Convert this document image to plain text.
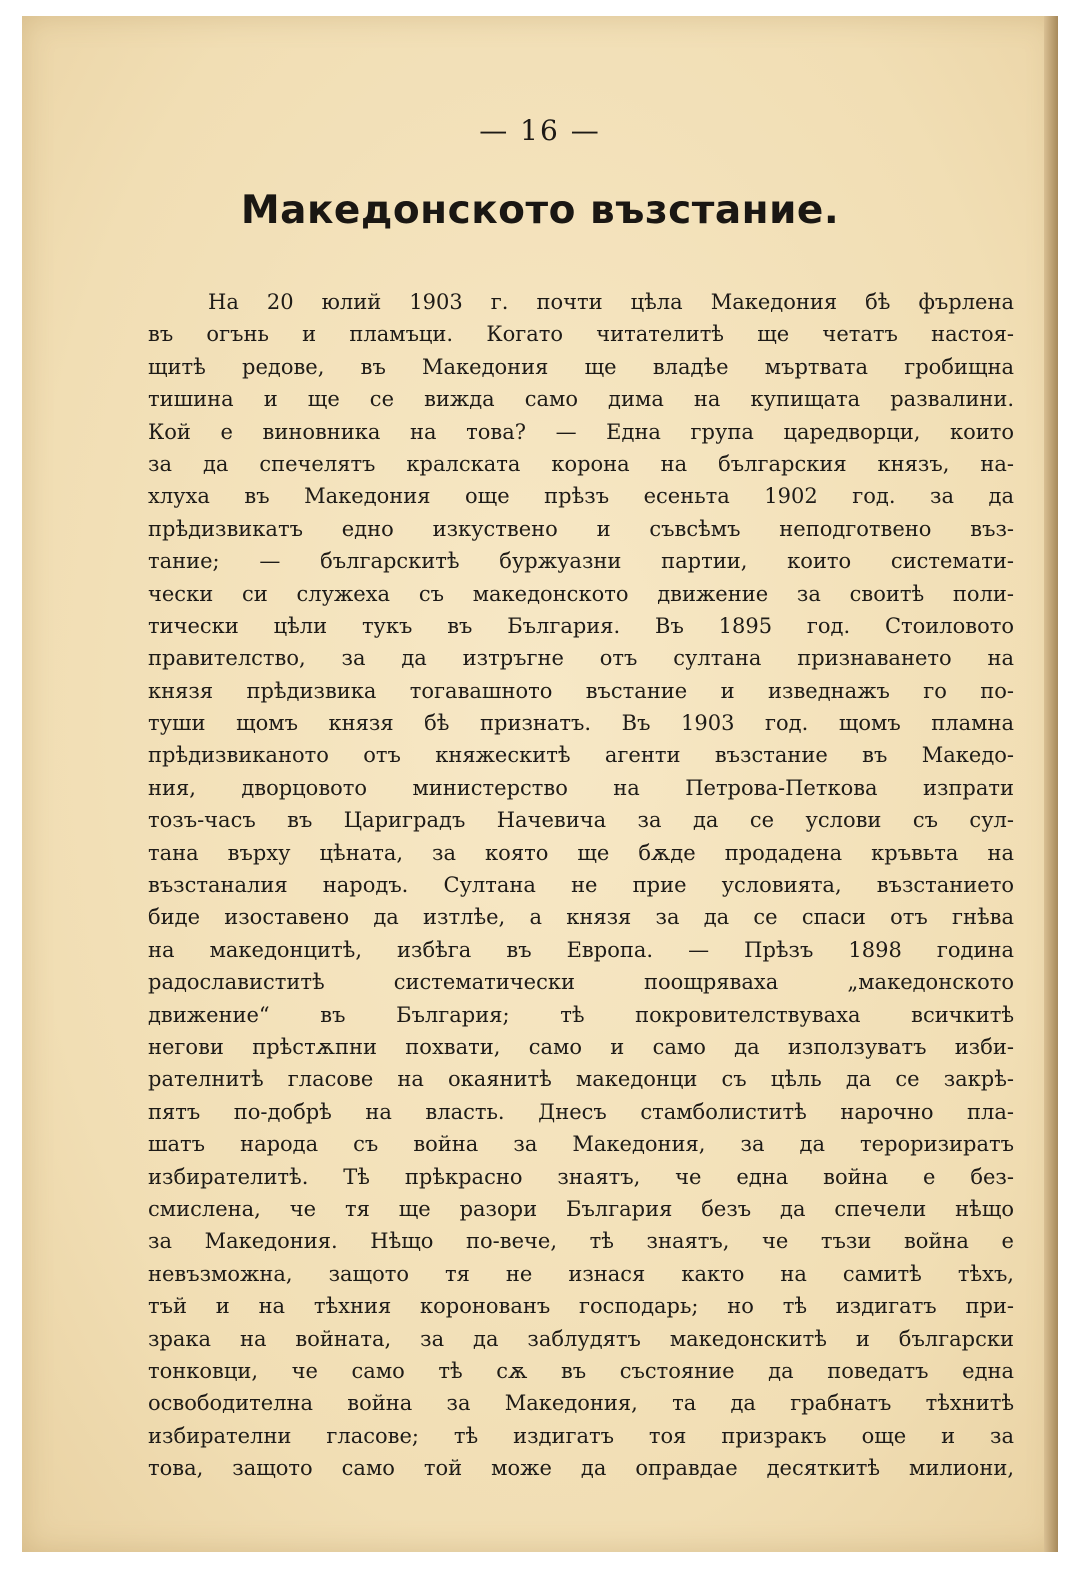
— 16 —
Македонското възстание.
На 20 юлий 1903 г. почти цѣла Македония бѣ фърлена
въ огънь и пламъци. Когато читателитѣ ще четатъ настоя-
щитѣ редове, въ Македония ще владѣе мъртвата гробищна
тишина и ще се вижда само дима на купищата развалини.
Кой е виновника на това? — Една група царедворци, които
за да спечелятъ кралската корона на българския князъ, на-
хлуха въ Македония още прѣзъ есеньта 1902 год. за да
прѣдизвикатъ едно изкуствено и съвсѣмъ неподготвено въз-
тание; — българскитѣ буржуазни партии, които системати-
чески си служеха съ македонското движение за своитѣ поли-
тически цѣли тукъ въ България. Въ 1895 год. Стоиловото
правителство, за да изтръгне отъ султана признаването на
князя прѣдизвика тогавашното въстание и изведнажъ го по-
туши щомъ князя бѣ признатъ. Въ 1903 год. щомъ пламна
прѣдизвиканото отъ княжескитѣ агенти възстание въ Македо-
ния, дворцовото министерство на Петрова-Петкова изпрати
тозъ-часъ въ Цариградъ Начевича за да се услови съ сул-
тана върху цѣната, за която ще бѫде продадена кръвьта на
възстаналия народъ. Султана не прие условията, възстанието
биде изоставено да изтлѣе, а князя за да се спаси отъ гнѣва
на македонцитѣ, избѣга въ Европа. — Прѣзъ 1898 година
радославиститѣ систематически поощряваха „македонското
движение“ въ България; тѣ покровителствуваха всичкитѣ
негови прѣстѫпни похвати, само и само да използуватъ изби-
рателнитѣ гласове на окаянитѣ македонци съ цѣль да се закрѣ-
пятъ по-добрѣ на власть. Днесъ стамболиститѣ нарочно пла-
шатъ народа съ война за Македония, за да тероризиратъ
избирателитѣ. Тѣ прѣкрасно знаятъ, че една война е без-
смислена, че тя ще разори България безъ да спечели нѣщо
за Македония. Нѣщо по-вече, тѣ знаятъ, че тъзи война е
невъзможна, защото тя не изнася както на самитѣ тѣхъ,
тъй и на тѣхния коронованъ господарь; но тѣ издигатъ при-
зрака на войната, за да заблудятъ македонскитѣ и български
тонковци, че само тѣ сѫ въ състояние да поведатъ една
освободителна война за Македония, та да грабнатъ тѣхнитѣ
избирателни гласове; тѣ издигатъ тоя призракъ още и за
това, защото само той може да оправдае десяткитѣ милиони,
